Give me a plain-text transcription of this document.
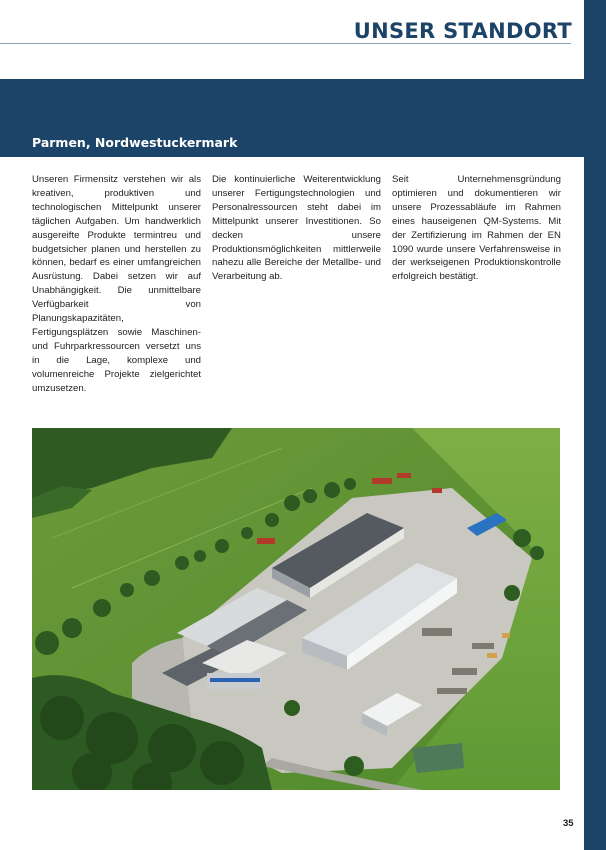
UNSER STANDORT
Parmen, Nordwestuckermark

Unseren Firmensitz verstehen wir als kreativen, produktiven und technologischen Mittelpunkt unserer täglichen Aufgaben. Um handwerklich ausgereifte Produkte termintreu und budgetsicher planen und herstellen zu können, bedarf es einer umfangreichen Ausrüstung. Dabei setzen wir auf Unabhängigkeit. Die unmittelbare Verfügbarkeit von Planungskapazitäten, Fertigungsplätzen sowie Maschinen- und Fuhrparkressourcen versetzt uns in die Lage, komplexe und volumenreiche Projekte zielgerichtet umzusetzen.

Die kontinuierliche Weiterentwicklung unserer Fertigungstechnologien und Personalressourcen steht dabei im Mittelpunkt unserer Investitionen. So decken unsere Produktionsmöglichkeiten mittlerweile nahezu alle Bereiche der Metallbe- und Verarbeitung ab.

Seit Unternehmensgründung optimieren und dokumentieren wir unsere Prozessabläufe im Rahmen eines hauseigenen QM-Systems. Mit der Zertifizierung im Rahmen der EN 1090 wurde unsere Verfahrensweise in der werkseigenen Produktionskontrolle erfolgreich bestätigt.

35
